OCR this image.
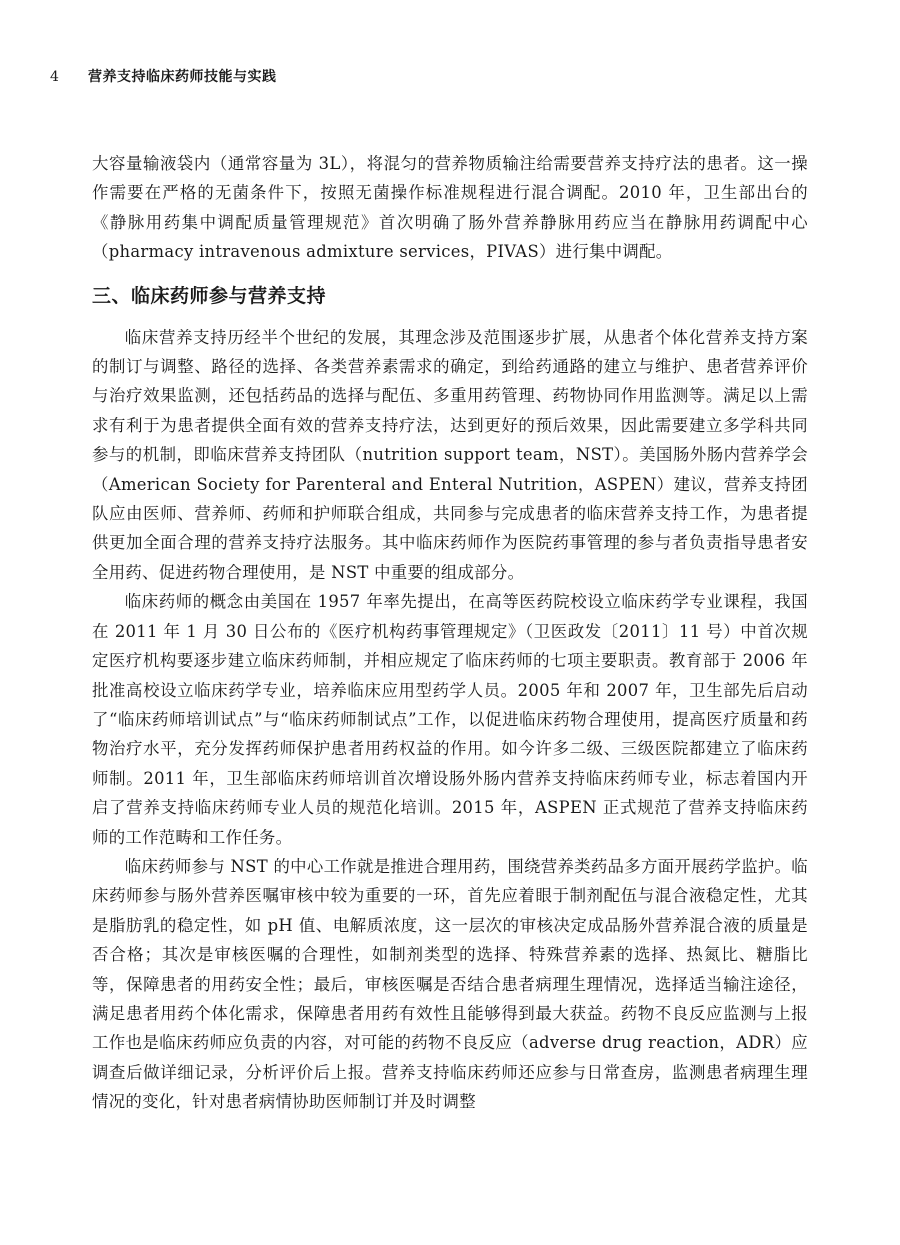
4	营养支持临床药师技能与实践

大容量输液袋内（通常容量为 3L），将混匀的营养物质输注给需要营养支持疗法的患者。这一操作需要在严格的无菌条件下，按照无菌操作标准规程进行混合调配。2010 年，卫生部出台的《静脉用药集中调配质量管理规范》首次明确了肠外营养静脉用药应当在静脉用药调配中心（pharmacy intravenous admixture services，PIVAS）进行集中调配。

三、临床药师参与营养支持

临床营养支持历经半个世纪的发展，其理念涉及范围逐步扩展，从患者个体化营养支持方案的制订与调整、路径的选择、各类营养素需求的确定，到给药通路的建立与维护、患者营养评价与治疗效果监测，还包括药品的选择与配伍、多重用药管理、药物协同作用监测等。满足以上需求有利于为患者提供全面有效的营养支持疗法，达到更好的预后效果，因此需要建立多学科共同参与的机制，即临床营养支持团队（nutrition support team，NST）。美国肠外肠内营养学会（American Society for Parenteral and Enteral Nutrition，ASPEN）建议，营养支持团队应由医师、营养师、药师和护师联合组成，共同参与完成患者的临床营养支持工作，为患者提供更加全面合理的营养支持疗法服务。其中临床药师作为医院药事管理的参与者负责指导患者安全用药、促进药物合理使用，是 NST 中重要的组成部分。

临床药师的概念由美国在 1957 年率先提出，在高等医药院校设立临床药学专业课程，我国在 2011 年 1 月 30 日公布的《医疗机构药事管理规定》（卫医政发〔2011〕11 号）中首次规定医疗机构要逐步建立临床药师制，并相应规定了临床药师的七项主要职责。教育部于 2006 年批准高校设立临床药学专业，培养临床应用型药学人员。2005 年和 2007 年，卫生部先后启动了“临床药师培训试点”与“临床药师制试点”工作，以促进临床药物合理使用，提高医疗质量和药物治疗水平，充分发挥药师保护患者用药权益的作用。如今许多二级、三级医院都建立了临床药师制。2011 年，卫生部临床药师培训首次增设肠外肠内营养支持临床药师专业，标志着国内开启了营养支持临床药师专业人员的规范化培训。2015 年，ASPEN 正式规范了营养支持临床药师的工作范畴和工作任务。

临床药师参与 NST 的中心工作就是推进合理用药，围绕营养类药品多方面开展药学监护。临床药师参与肠外营养医嘱审核中较为重要的一环，首先应着眼于制剂配伍与混合液稳定性，尤其是脂肪乳的稳定性，如 pH 值、电解质浓度，这一层次的审核决定成品肠外营养混合液的质量是否合格；其次是审核医嘱的合理性，如制剂类型的选择、特殊营养素的选择、热氮比、糖脂比等，保障患者的用药安全性；最后，审核医嘱是否结合患者病理生理情况，选择适当输注途径，满足患者用药个体化需求，保障患者用药有效性且能够得到最大获益。药物不良反应监测与上报工作也是临床药师应负责的内容，对可能的药物不良反应（adverse drug reaction，ADR）应调查后做详细记录，分析评价后上报。营养支持临床药师还应参与日常查房，监测患者病理生理情况的变化，针对患者病情协助医师制订并及时调整
